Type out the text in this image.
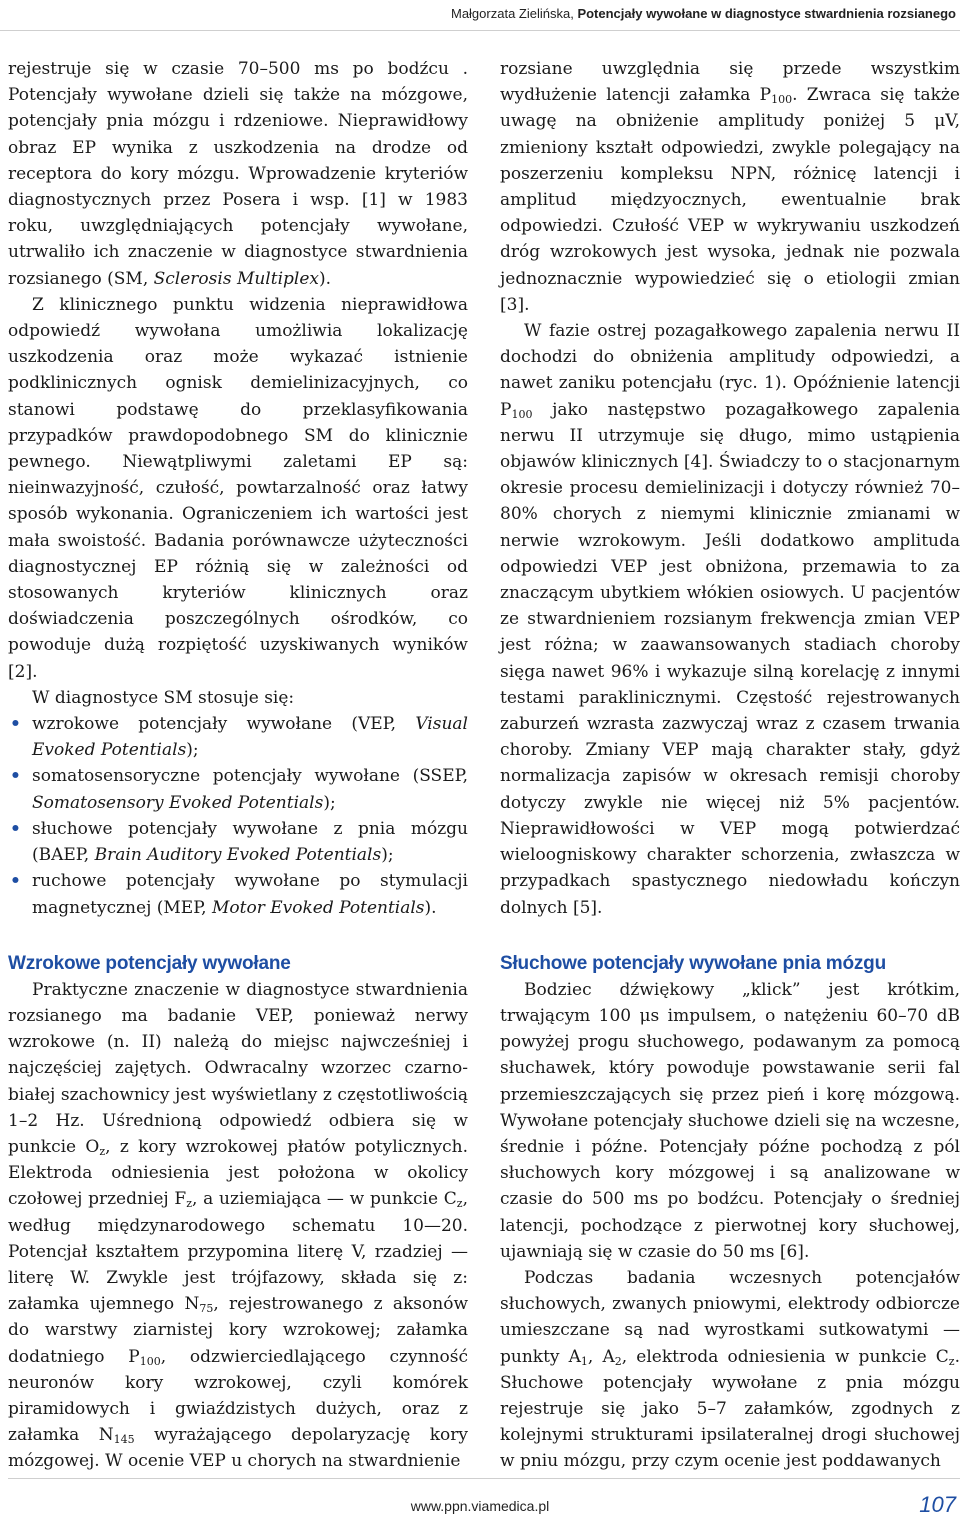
Małgorzata Zielińska, Potencjały wywołane w diagnostyce stwardnienia rozsianego

rejestruje się w czasie 70–500 ms po bodźcu . Potencjały wywołane dzieli się także na mózgowe, potencjały pnia mózgu i rdzeniowe. Nieprawidłowy obraz EP wynika z uszkodzenia na drodze od receptora do kory mózgu. Wprowadzenie kryteriów diagnostycznych przez Posera i wsp. [1] w 1983 roku, uwzględniających potencjały wywołane, utrwaliło ich znaczenie w diagnostyce stwardnienia rozsianego (SM, Sclerosis Multiplex).

Z klinicznego punktu widzenia nieprawidłowa odpowiedź wywołana umożliwia lokalizację uszkodzenia oraz może wykazać istnienie podklinicznych ognisk demielinizacyjnych, co stanowi podstawę do przeklasyfikowania przypadków prawdopodobnego SM do klinicznie pewnego. Niewątpliwymi zaletami EP są: nieinwazyjność, czułość, powtarzalność oraz łatwy sposób wykonania. Ograniczeniem ich wartości jest mała swoistość. Badania porównawcze użyteczności diagnostycznej EP różnią się w zależności od stosowanych kryteriów klinicznych oraz doświadczenia poszczególnych ośrodków, co powoduje dużą rozpiętość uzyskiwanych wyników [2].

W diagnostyce SM stosuje się:

• wzrokowe potencjały wywołane (VEP, Visual Evoked Potentials);
• somatosensoryczne potencjały wywołane (SSEP, Somatosensory Evoked Potentials);
• słuchowe potencjały wywołane z pnia mózgu (BAEP, Brain Auditory Evoked Potentials);
• ruchowe potencjały wywołane po stymulacji magnetycznej (MEP, Motor Evoked Potentials).
Wzrokowe potencjały wywołane

Praktyczne znaczenie w diagnostyce stwardnienia rozsianego ma badanie VEP, ponieważ nerwy wzrokowe (n. II) należą do miejsc najwcześniej i najczęściej zajętych. Odwracalny wzorzec czarno-białej szachownicy jest wyświetlany z częstotliwością 1–2 Hz. Uśrednioną odpowiedź odbiera się w punkcie $O_z$, z kory wzrokowej płatów potylicznych. Elektroda odniesienia jest położona w okolicy czołowej przedniej $F_z$, a uziemiająca — w punkcie $C_z$, według międzynarodowego schematu 10—20. Potencjał kształtem przypomina literę V, rzadziej — literę W. Zwykle jest trójfazowy, składa się z: załamka ujemnego $N_{75}$, rejestrowanego z aksonów do warstwy ziarnistej kory wzrokowej; załamka dodatniego $P_{100}$, odzwierciedlającego czynność neuronów kory wzrokowej, czyli komórek piramidowych i gwiaździstych dużych, oraz z załamka $N_{145}$ wyrażającego depolaryzację kory mózgowej. W ocenie VEP u chorych na stwardnienie

rozsiane uwzględnia się przede wszystkim wydłużenie latencji załamka $P_{100}$. Zwraca się także uwagę na obniżenie amplitudy poniżej 5 μV, zmieniony kształt odpowiedzi, zwykle polegający na poszerzeniu kompleksu NPN, różnicę latencji i amplitud międzyocznych, ewentualnie brak odpowiedzi. Czułość VEP w wykrywaniu uszkodzeń dróg wzrokowych jest wysoka, jednak nie pozwala jednoznacznie wypowiedzieć się o etiologii zmian [3].

W fazie ostrej pozagałkowego zapalenia nerwu II dochodzi do obniżenia amplitudy odpowiedzi, a nawet zaniku potencjału (ryc. 1). Opóźnienie latencji $P_{100}$ jako następstwo pozagałkowego zapalenia nerwu II utrzymuje się długo, mimo ustąpienia objawów klinicznych [4]. Świadczy to o stacjonarnym okresie procesu demielinizacji i dotyczy również 70–80% chorych z niemymi klinicznie zmianami w nerwie wzrokowym. Jeśli dodatkowo amplituda odpowiedzi VEP jest obniżona, przemawia to za znaczącym ubytkiem włókien osiowych. U pacjentów ze stwardnieniem rozsianym frekwencja zmian VEP jest różna; w zaawansowanych stadiach choroby sięga nawet 96% i wykazuje silną korelację z innymi testami paraklinicznymi. Częstość rejestrowanych zaburzeń wzrasta zazwyczaj wraz z czasem trwania choroby. Zmiany VEP mają charakter stały, gdyż normalizacja zapisów w okresach remisji choroby dotyczy zwykle nie więcej niż 5% pacjentów. Nieprawidłowości w VEP mogą potwierdzać wieloogniskowy charakter schorzenia, zwłaszcza w przypadkach spastycznego niedowładu kończyn dolnych [5].

Słuchowe potencjały wywołane pnia mózgu

Bodziec dźwiękowy „klick” jest krótkim, trwającym 100 μs impulsem, o natężeniu 60–70 dB powyżej progu słuchowego, podawanym za pomocą słuchawek, który powoduje powstawanie serii fal przemieszczających się przez pień i korę mózgową. Wywołane potencjały słuchowe dzieli się na wczesne, średnie i późne. Potencjały późne pochodzą z pól słuchowych kory mózgowej i są analizowane w czasie do 500 ms po bodźcu. Potencjały o średniej latencji, pochodzące z pierwotnej kory słuchowej, ujawniają się w czasie do 50 ms [6].

Podczas badania wczesnych potencjałów słuchowych, zwanych pniowymi, elektrody odbiorcze umieszczane są nad wyrostkami sutkowatymi — punkty $A_1$, $A_2$, elektroda odniesienia w punkcie $C_z$. Słuchowe potencjały wywołane z pnia mózgu rejestruje się jako 5–7 załamków, zgodnych z kolejnymi strukturami ipsilateralnej drogi słuchowej w pniu mózgu, przy czym ocenie jest poddawanych

www.ppn.viamedica.pl	107
